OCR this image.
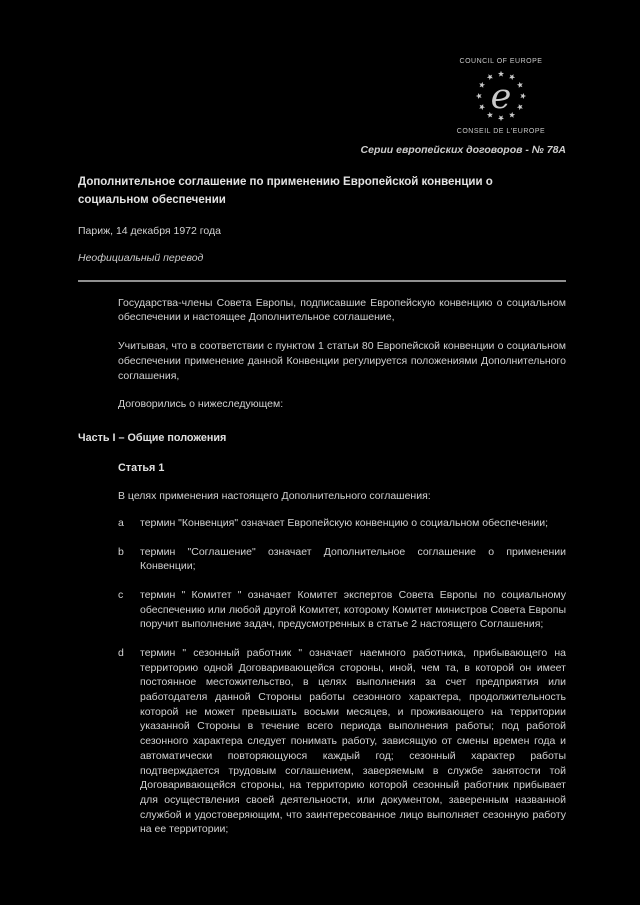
COUNCIL OF EUROPE
e
CONSEIL DE L'EUROPE
Серии европейских договоров - № 78А
Дополнительное соглашение по применению Европейской конвенции о социальном обеспечении
Париж, 14 декабря 1972 года
Неофициальный перевод

Государства-члены Совета Европы, подписавшие Европейскую конвенцию о социальном обеспечении и настоящее Дополнительное соглашение,

Учитывая, что в соответствии с пунктом 1 статьи 80 Европейской конвенции о социальном обеспечении применение данной Конвенции регулируется положениями Дополнительного соглашения,

Договорились о нижеследующем:

Часть I – Общие положения
Статья 1
В целях применения настоящего Дополнительного соглашения:
a	термин "Конвенция" означает Европейскую конвенцию о социальном обеспечении;
b	термин "Соглашение" означает Дополнительное соглашение о применении Конвенции;
c	термин " Комитет " означает Комитет экспертов Совета Европы по социальному обеспечению или любой другой Комитет, которому Комитет министров Совета Европы поручит выполнение задач, предусмотренных в статье 2 настоящего Соглашения;
d	термин " сезонный работник " означает наемного работника, прибывающего на территорию одной Договаривающейся стороны, иной, чем та, в которой он имеет постоянное местожительство, в целях выполнения за счет предприятия или работодателя данной Стороны работы сезонного характера, продолжительность которой не может превышать восьми месяцев, и проживающего на территории указанной Стороны в течение всего периода выполнения работы; под работой сезонного характера следует понимать работу, зависящую от смены времен года и автоматически повторяющуюся каждый год; сезонный характер работы подтверждается трудовым соглашением, заверяемым в службе занятости той Договаривающейся стороны, на территорию которой сезонный работник прибывает для осуществления своей деятельности, или документом, заверенным названной службой и удостоверяющим, что заинтересованное лицо выполняет сезонную работу на ее территории;
